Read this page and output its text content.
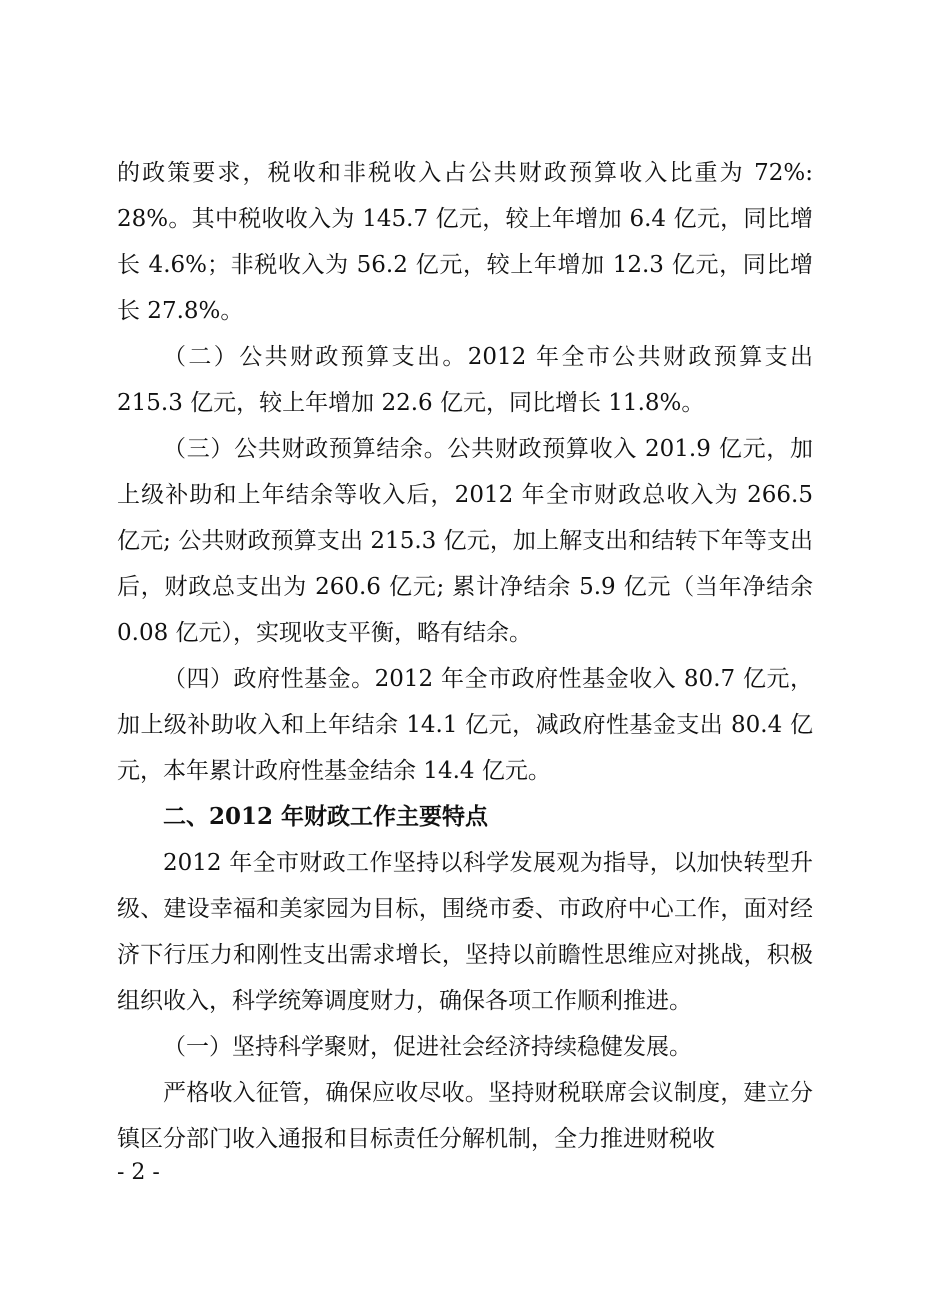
的政策要求，税收和非税收入占公共财政预算收入比重为 72%: 28%。其中税收收入为 145.7 亿元，较上年增加 6.4 亿元，同比增长 4.6%；非税收入为 56.2 亿元，较上年增加 12.3 亿元，同比增长 27.8%。

（二）公共财政预算支出。2012 年全市公共财政预算支出 215.3 亿元，较上年增加 22.6 亿元，同比增长 11.8%。

（三）公共财政预算结余。公共财政预算收入 201.9 亿元，加上级补助和上年结余等收入后，2012 年全市财政总收入为 266.5 亿元; 公共财政预算支出 215.3 亿元，加上解支出和结转下年等支出后，财政总支出为 260.6 亿元; 累计净结余 5.9 亿元（当年净结余 0.08 亿元），实现收支平衡，略有结余。

（四）政府性基金。2012 年全市政府性基金收入 80.7 亿元，加上级补助收入和上年结余 14.1 亿元，减政府性基金支出 80.4 亿元，本年累计政府性基金结余 14.4 亿元。

二、2012 年财政工作主要特点

2012 年全市财政工作坚持以科学发展观为指导，以加快转型升级、建设幸福和美家园为目标，围绕市委、市政府中心工作，面对经济下行压力和刚性支出需求增长，坚持以前瞻性思维应对挑战，积极组织收入，科学统筹调度财力，确保各项工作顺利推进。

（一）坚持科学聚财，促进社会经济持续稳健发展。

严格收入征管，确保应收尽收。坚持财税联席会议制度，建立分镇区分部门收入通报和目标责任分解机制，全力推进财税收

- 2 -
